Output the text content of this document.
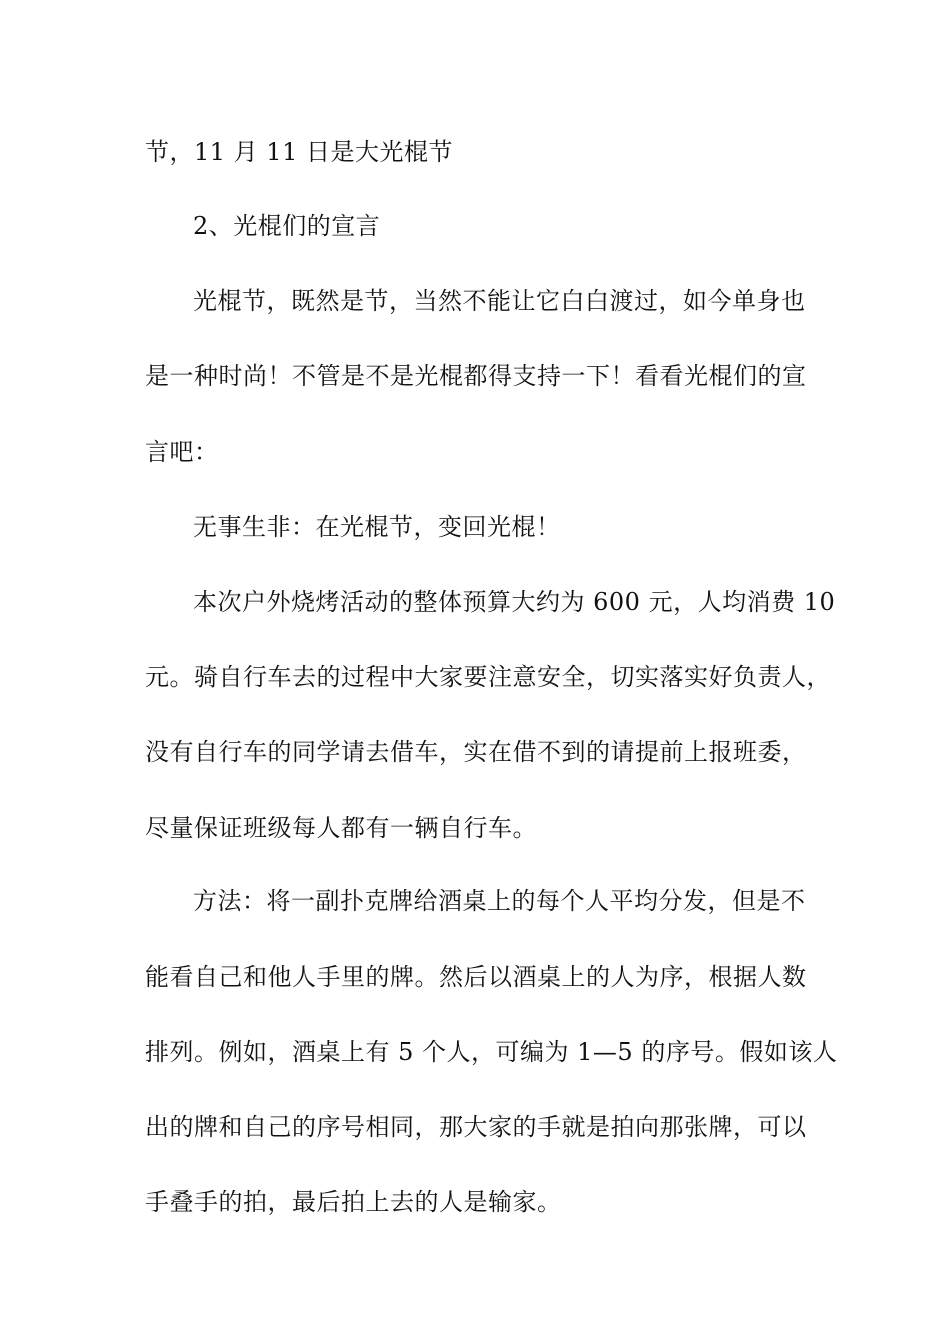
节，11 月 11 日是大光棍节
2、光棍们的宣言
光棍节，既然是节，当然不能让它白白渡过，如今单身也
是一种时尚！不管是不是光棍都得支持一下！看看光棍们的宣
言吧：
无事生非：在光棍节，变回光棍！
本次户外烧烤活动的整体预算大约为 600 元，人均消费 10
元。骑自行车去的过程中大家要注意安全，切实落实好负责人，
没有自行车的同学请去借车，实在借不到的请提前上报班委，
尽量保证班级每人都有一辆自行车。
方法：将一副扑克牌给酒桌上的每个人平均分发，但是不
能看自己和他人手里的牌。然后以酒桌上的人为序，根据人数
排列。例如，酒桌上有 5 个人，可编为 1—5 的序号。假如该人
出的牌和自己的序号相同，那大家的手就是拍向那张牌，可以
手叠手的拍，最后拍上去的人是输家。
